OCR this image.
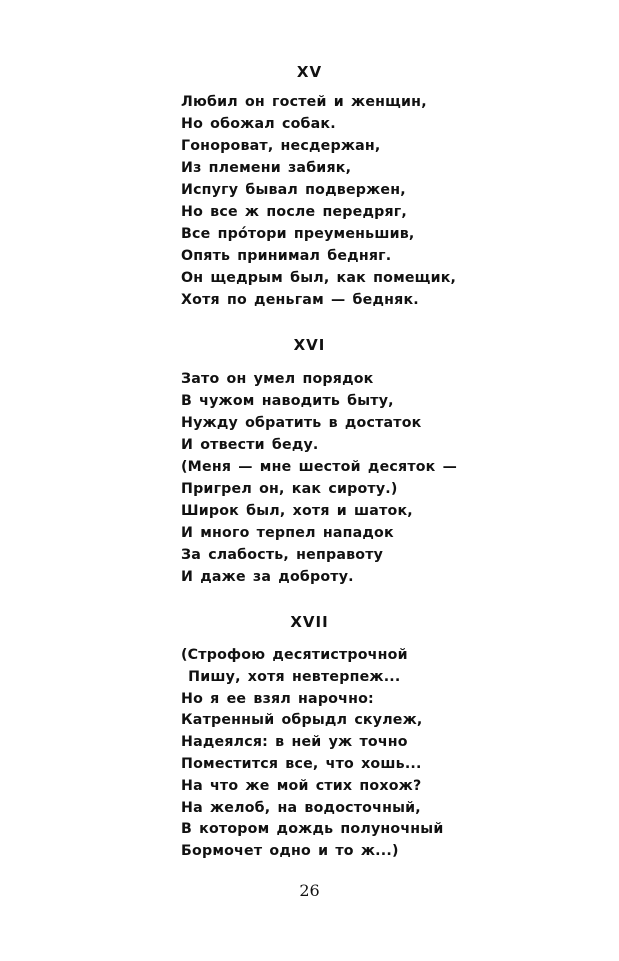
XV
Любил он гостей и женщин,
Но обожал собак.
Гонороват, несдержан,
Из племени забияк,
Испугу бывал подвержен,
Но все ж после передряг,
Все прóтори преуменьшив,
Опять принимал бедняг.
Он щедрым был, как помещик,
Хотя по деньгам — бедняк.
XVI
Зато он умел порядок
В чужом наводить быту,
Нужду обратить в достаток
И отвести беду.
(Меня — мне шестой десяток —
Пригрел он, как сироту.)
Широк был, хотя и шаток,
И много терпел нападок
За слабость, неправоту
И даже за доброту.
XVII
(Строфою десятистрочной
Пишу, хотя невтерпеж...
Но я ее взял нарочно:
Катренный обрыдл скулеж,
Надеялся: в ней уж точно
Поместится все, что хошь...
На что же мой стих похож?
На желоб, на водосточный,
В котором дождь полуночный
Бормочет одно и то ж...)
26
